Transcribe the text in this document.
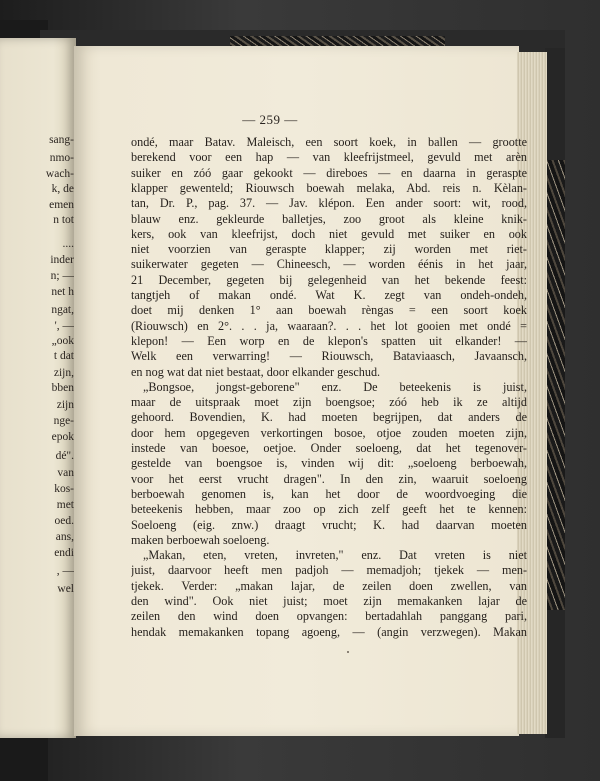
sang-
nmo-
wach-
k, de
emen
n tot
....
inder
n; —
net h
ngat,
', —
„ook
t dat
zijn,
bben
zijn
nge-
epok
dé".
van
kos-
met
oed.
ans,
endi
, —
wel
— 259 —
ondé, maar Batav. Maleisch, een soort koek, in ballen — grootte
berekend voor een hap — van kleefrijstmeel, gevuld met arèn
suiker en zóó gaar gekookt — direboes — en daarna in geraspte
klapper gewenteld; Riouwsch boewah melaka, Abd. reis n. Kèlan-
tan, Dr. P., pag. 37. — Jav. klépon. Een ander soort: wit, rood,
blauw enz. gekleurde balletjes, zoo groot als kleine knik-
kers, ook van kleefrijst, doch niet gevuld met suiker en ook
niet voorzien van geraspte klapper; zij worden met riet-
suikerwater gegeten — Chineesch, — worden éénis in het jaar,
21 December, gegeten bij gelegenheid van het bekende feest:
tangtjeh of makan ondé. Wat K. zegt van ondeh-ondeh,
doet mij denken 1° aan boewah rèngas = een soort koek
(Riouwsch) en 2°. . . ja, waaraan?. . . het lot gooien met ondé =
klepon! — Een worp en de klepon's spatten uit elkander! —
Welk een verwarring! — Riouwsch, Bataviaasch, Javaansch,
en nog wat dat niet bestaat, door elkander geschud.
„Bongsoe, jongst-geborene" enz. De beteekenis is juist,
maar de uitspraak moet zijn boengsoe; zóó heb ik ze altijd
gehoord. Bovendien, K. had moeten begrijpen, dat anders de
door hem opgegeven verkortingen bosoe, otjoe zouden moeten zijn,
instede van boesoe, oetjoe. Onder soeloeng, dat het tegenover-
gestelde van boengsoe is, vinden wij dit: „soeloeng berboewah,
voor het eerst vrucht dragen". In den zin, waaruit soeloeng
berboewah genomen is, kan het door de woordvoeging die
beteekenis hebben, maar zoo op zich zelf geeft het te kennen:
Soeloeng (eig. znw.) draagt vrucht; K. had daarvan moeten
maken berboewah soeloeng.
„Makan, eten, vreten, invreten," enz. Dat vreten is niet
juist, daarvoor heeft men padjoh — memadjoh; tjekek — men-
tjekek. Verder: „makan lajar, de zeilen doen zwellen, van
den wind". Ook niet juist; moet zijn memakanken lajar de
zeilen den wind doen opvangen: bertadahlah panggang pari,
hendak memakanken topang agoeng, — (angin verzwegen). Makan
